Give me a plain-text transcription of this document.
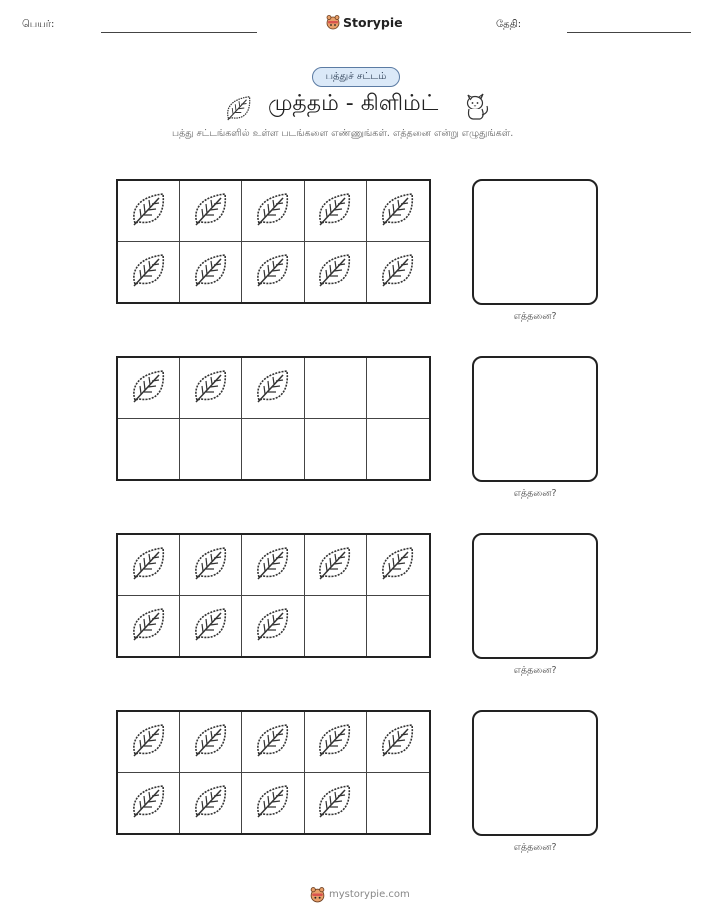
பெயர்:	Storypie	தேதி:
பத்துச் சட்டம்
முத்தம் - கிளிம்ட்
பத்து சட்டங்களில் உள்ள படங்களை எண்ணுங்கள். எத்தனை என்று எழுதுங்கள்.
எத்தனை?
எத்தனை?
எத்தனை?
எத்தனை?
mystorypie.com
